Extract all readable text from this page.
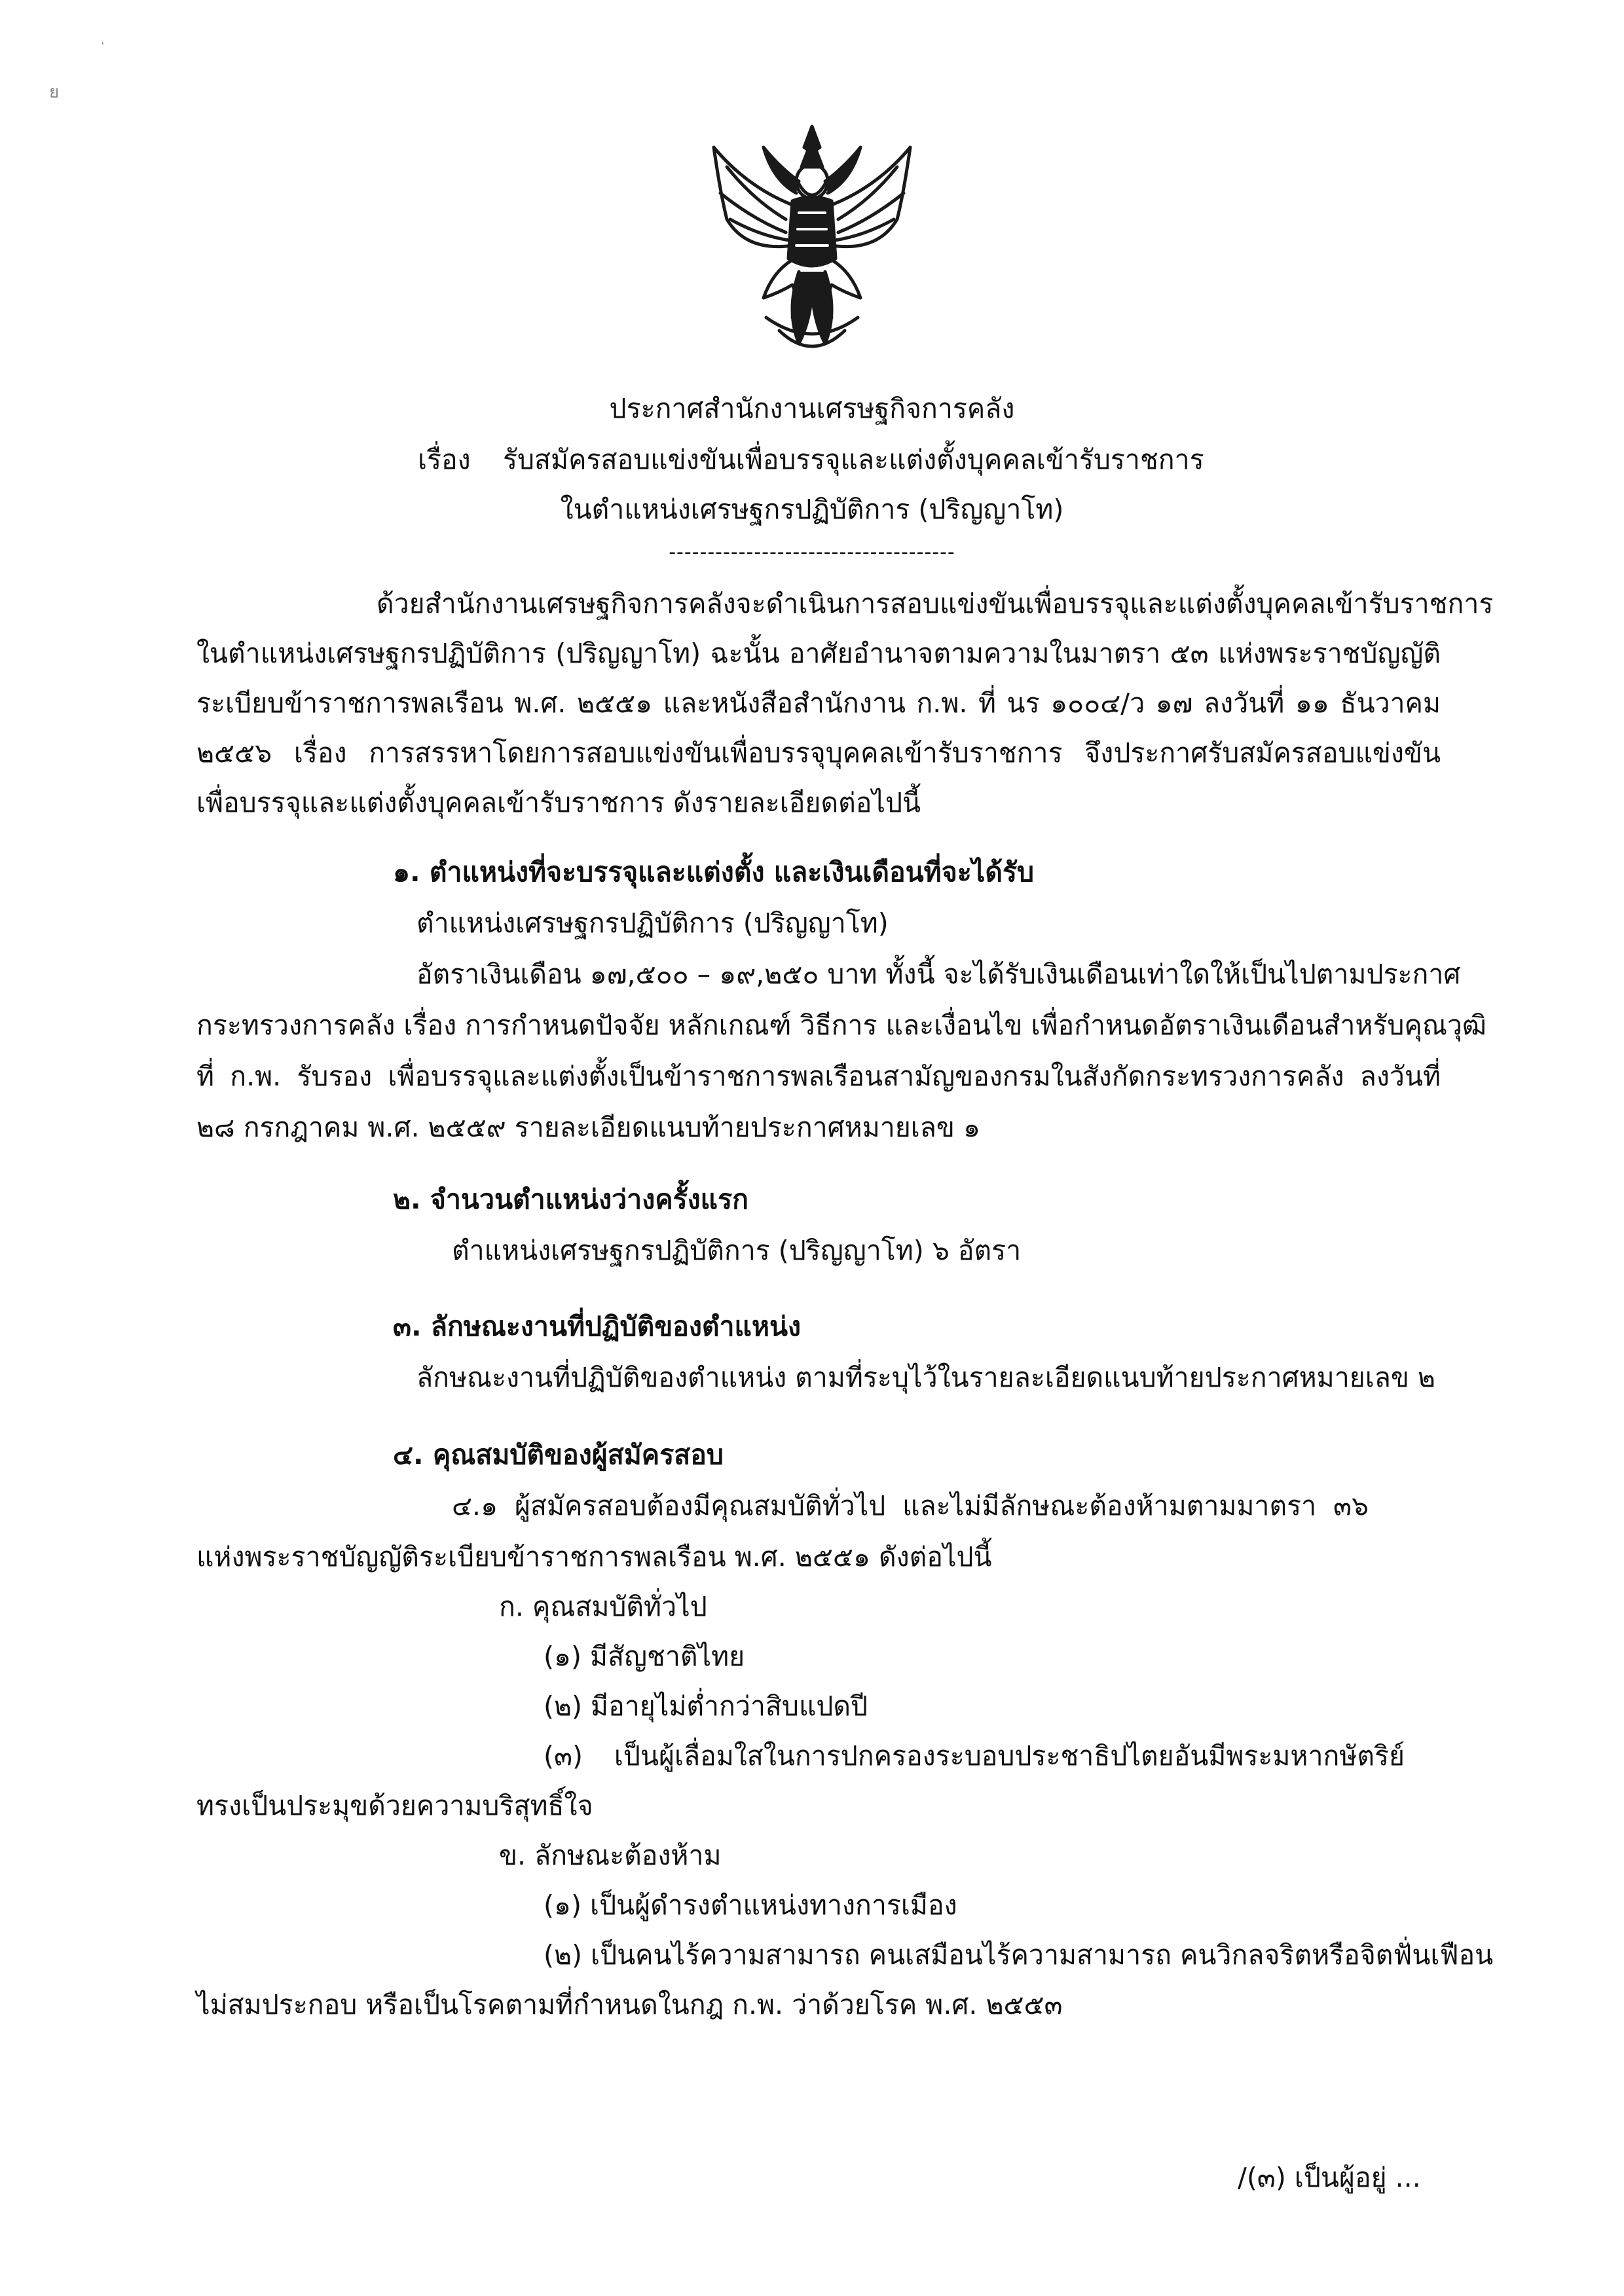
ย
ประกาศสำนักงานเศรษฐกิจการคลัง
เรื่อง รับสมัครสอบแข่งขันเพื่อบรรจุและแต่งตั้งบุคคลเข้ารับราชการ
ในตำแหน่งเศรษฐกรปฏิบัติการ (ปริญญาโท)
-------------------------------------
ด้วยสำนักงานเศรษฐกิจการคลังจะดำเนินการสอบแข่งขันเพื่อบรรจุและแต่งตั้งบุคคลเข้ารับราชการ
ในตำแหน่งเศรษฐกรปฏิบัติการ (ปริญญาโท) ฉะนั้น อาศัยอำนาจตามความในมาตรา ๕๓ แห่งพระราชบัญญัติ
ระเบียบข้าราชการพลเรือน พ.ศ. ๒๕๕๑ และหนังสือสำนักงาน ก.พ. ที่ นร ๑๐๐๔/ว ๑๗ ลงวันที่ ๑๑ ธันวาคม
๒๕๕๖ เรื่อง การสรรหาโดยการสอบแข่งขันเพื่อบรรจุบุคคลเข้ารับราชการ จึงประกาศรับสมัครสอบแข่งขัน
เพื่อบรรจุและแต่งตั้งบุคคลเข้ารับราชการ ดังรายละเอียดต่อไปนี้
๑. ตำแหน่งที่จะบรรจุและแต่งตั้ง และเงินเดือนที่จะได้รับ
ตำแหน่งเศรษฐกรปฏิบัติการ (ปริญญาโท)
อัตราเงินเดือน ๑๗,๕๐๐ – ๑๙,๒๕๐ บาท ทั้งนี้ จะได้รับเงินเดือนเท่าใดให้เป็นไปตามประกาศ
กระทรวงการคลัง เรื่อง การกำหนดปัจจัย หลักเกณฑ์ วิธีการ และเงื่อนไข เพื่อกำหนดอัตราเงินเดือนสำหรับคุณวุฒิ
ที่ ก.พ. รับรอง เพื่อบรรจุและแต่งตั้งเป็นข้าราชการพลเรือนสามัญของกรมในสังกัดกระทรวงการคลัง ลงวันที่
๒๘ กรกฎาคม พ.ศ. ๒๕๕๙ รายละเอียดแนบท้ายประกาศหมายเลข ๑
๒. จำนวนตำแหน่งว่างครั้งแรก
ตำแหน่งเศรษฐกรปฏิบัติการ (ปริญญาโท) ๖ อัตรา
๓. ลักษณะงานที่ปฏิบัติของตำแหน่ง
ลักษณะงานที่ปฏิบัติของตำแหน่ง ตามที่ระบุไว้ในรายละเอียดแนบท้ายประกาศหมายเลข ๒
๔. คุณสมบัติของผู้สมัครสอบ
๔.๑ ผู้สมัครสอบต้องมีคุณสมบัติทั่วไป และไม่มีลักษณะต้องห้ามตามมาตรา ๓๖
แห่งพระราชบัญญัติระเบียบข้าราชการพลเรือน พ.ศ. ๒๕๕๑ ดังต่อไปนี้
ก. คุณสมบัติทั่วไป
(๑) มีสัญชาติไทย
(๒) มีอายุไม่ต่ำกว่าสิบแปดปี
(๓) เป็นผู้เลื่อมใสในการปกครองระบอบประชาธิปไตยอันมีพระมหากษัตริย์
ทรงเป็นประมุขด้วยความบริสุทธิ์ใจ
ข. ลักษณะต้องห้าม
(๑) เป็นผู้ดำรงตำแหน่งทางการเมือง
(๒) เป็นคนไร้ความสามารถ คนเสมือนไร้ความสามารถ คนวิกลจริตหรือจิตฟั่นเฟือน
ไม่สมประกอบ หรือเป็นโรคตามที่กำหนดในกฎ ก.พ. ว่าด้วยโรค พ.ศ. ๒๕๕๓
/(๓) เป็นผู้อยู่ ...
